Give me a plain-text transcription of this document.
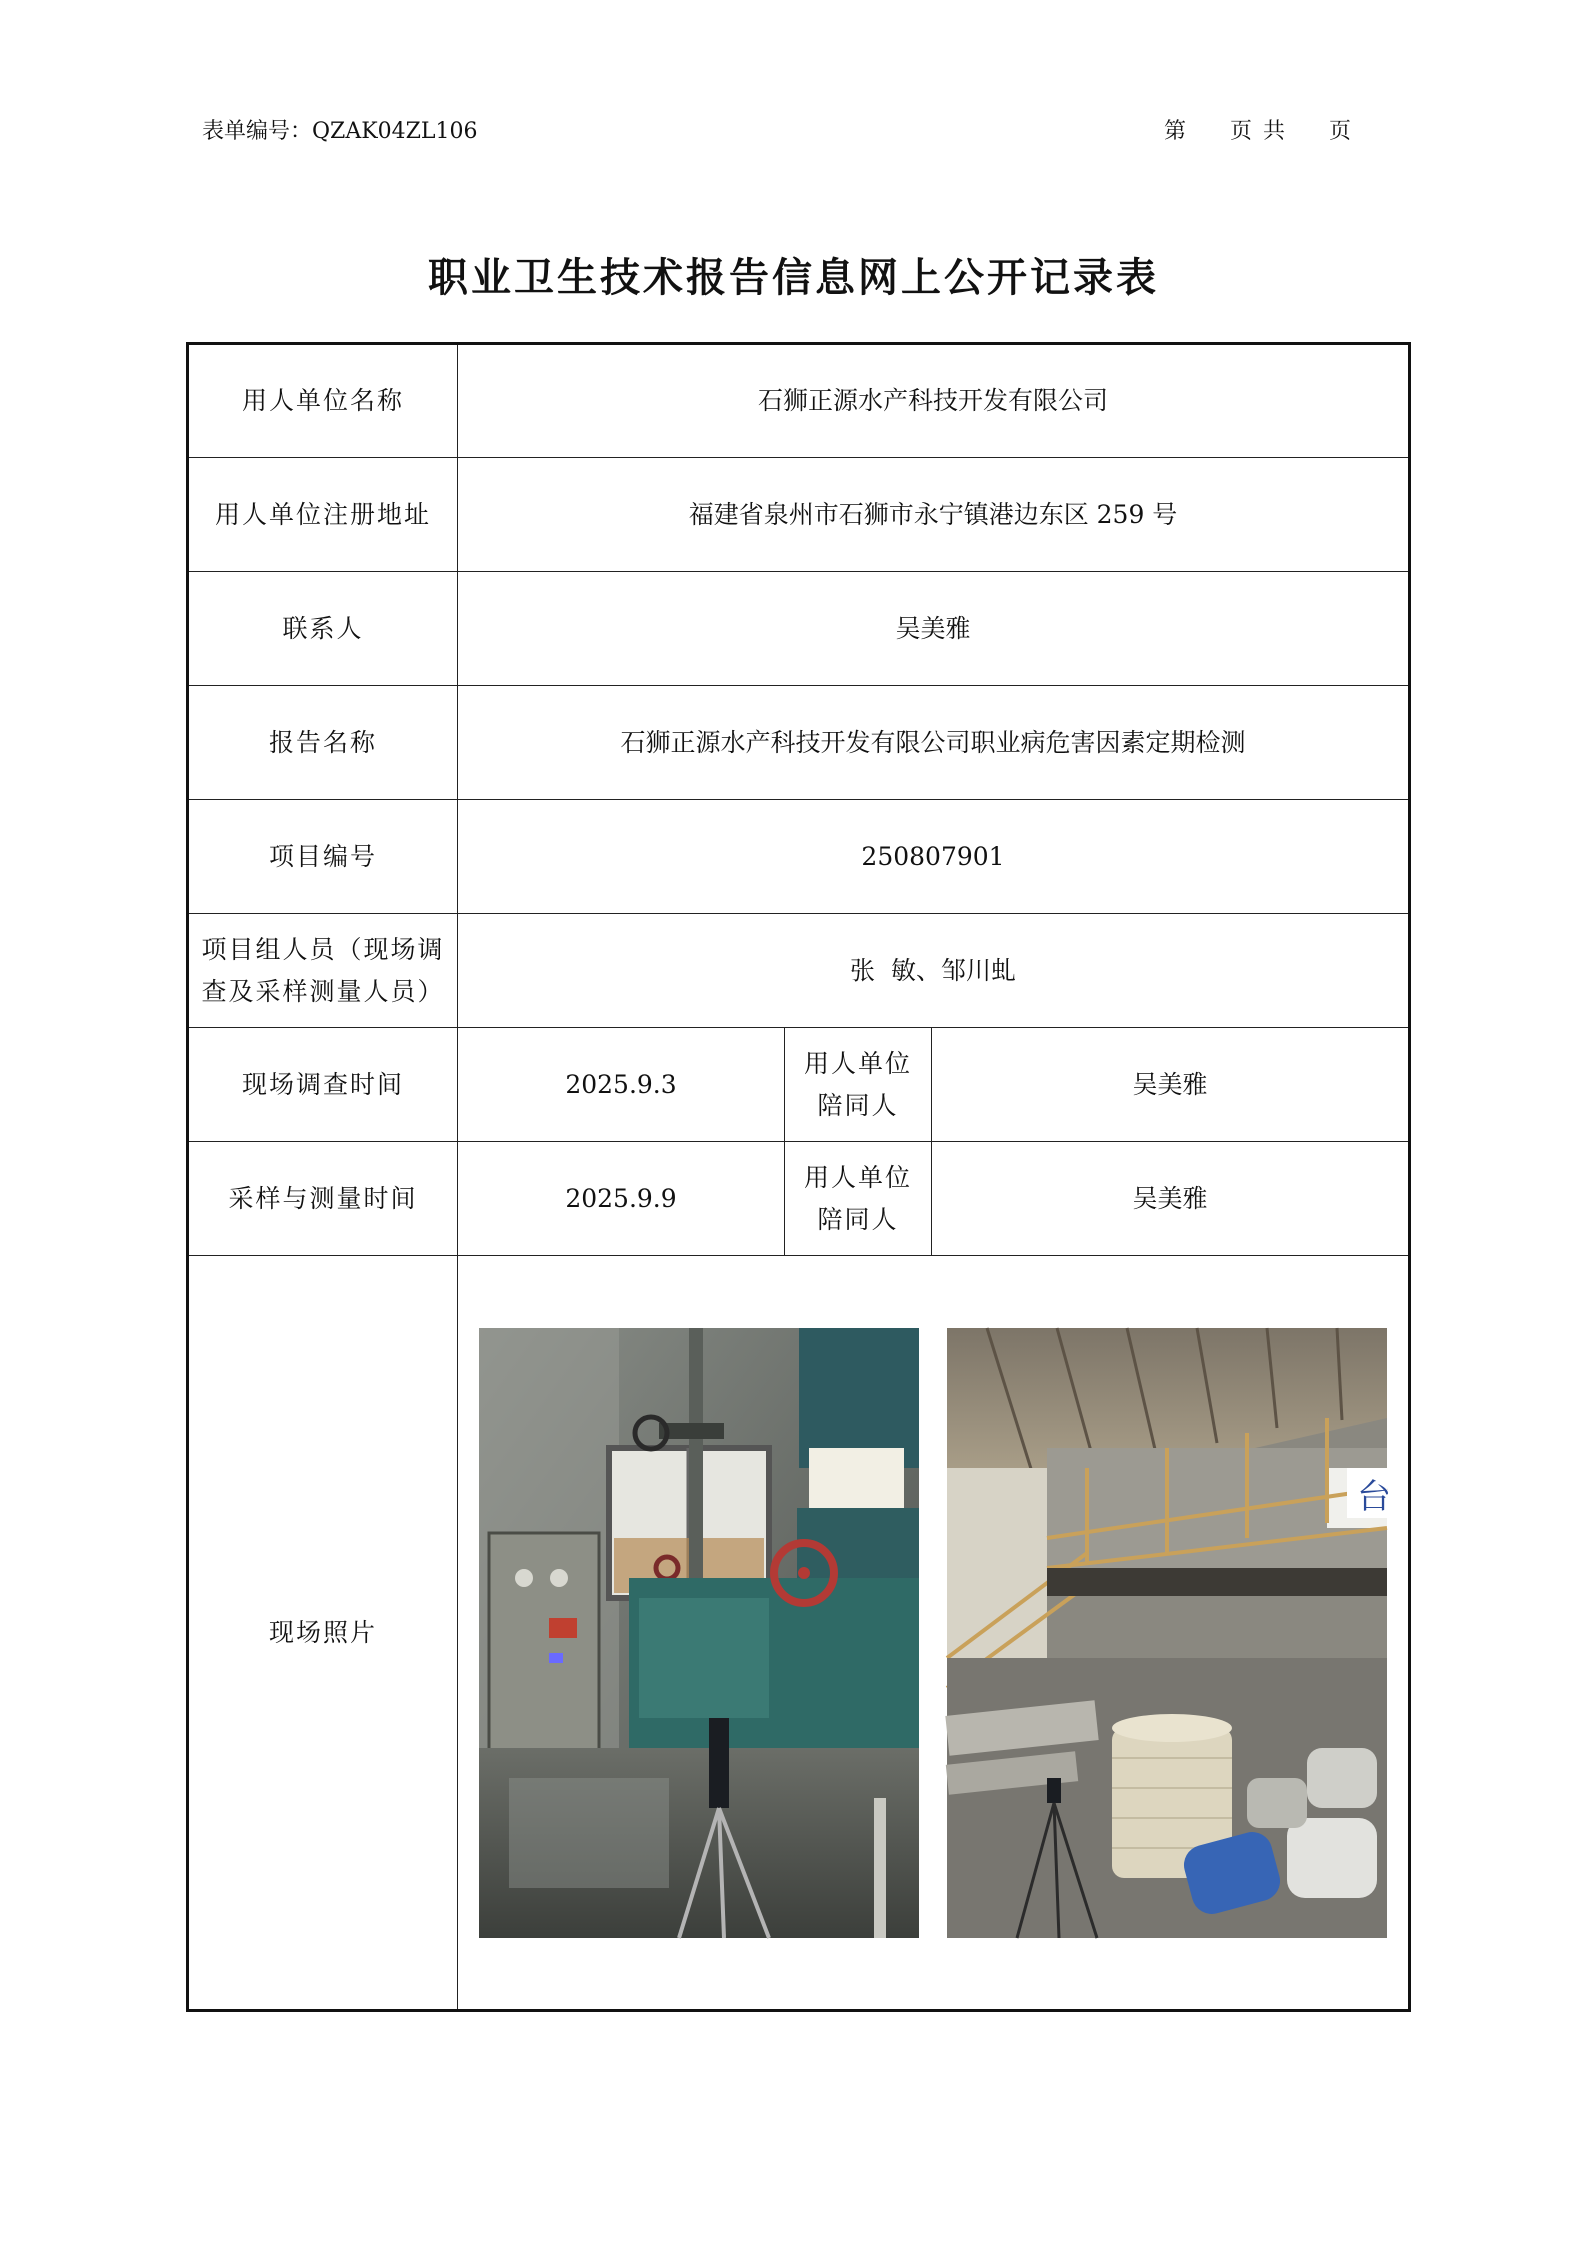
表单编号：QZAK04ZL106	第 页 共 页
职业卫生技术报告信息网上公开记录表
用人单位名称	石狮正源水产科技开发有限公司		
用人单位注册地址	福建省泉州市石狮市永宁镇港边东区 259 号		
联系人	吴美雅		
报告名称	石狮正源水产科技开发有限公司职业病危害因素定期检测		
项目编号	250807901		

项目组人员（现场调
查及采样测量人员）	张  敏、邹川虬		
现场调查时间	2025.9.3	用人单位
陪同人	吴美雅
采样与测量时间	2025.9.9	用人单位
陪同人	吴美雅
现场照片	台		
